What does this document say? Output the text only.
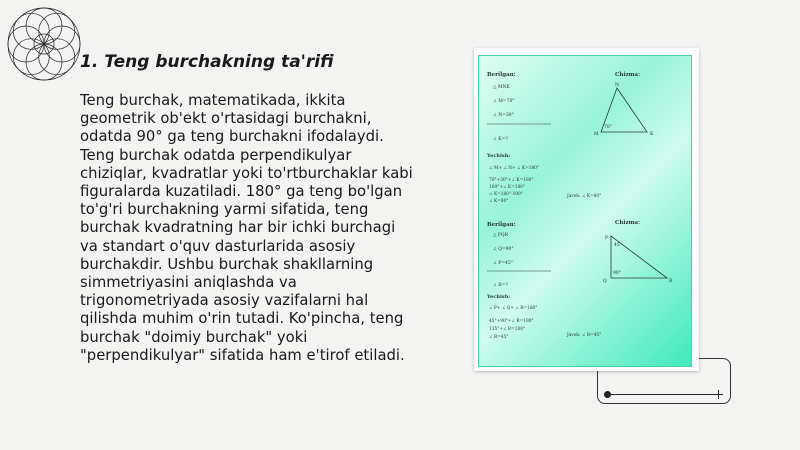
1. Teng burchakning ta'rifi

Teng burchak, matematikada, ikkita geometrik ob'ekt o'rtasidagi burchakni, odatda 90° ga teng burchakni ifodalaydi. Teng burchak odatda perpendikulyar chiziqlar, kvadratlar yoki to'rtburchaklar kabi figuralarda kuzatiladi. 180° ga teng bo'lgan to'g'ri burchakning yarmi sifatida, teng burchak kvadratning har bir ichki burchagi va standart o'quv dasturlarida asosiy burchakdir. Ushbu burchak shakllarning simmetriyasini aniqlashda va trigonometriyada asosiy vazifalarni hal qilishda muhim o'rin tutadi. Ko'pincha, teng burchak "doimiy burchak" yoki "perpendikulyar" sifatida ham e'tirof etiladi.

Berilgan:
△ MNK
∠ M=70°
∠ N=30°
∠ K=?
Chizma:
N
M	K
70°
Yechish:
∠ M+ ∠ N+ ∠ K=180°
70°+30°+∠ K=180°
100°+∠ K=180°
∠ K=180°-100°
∠ K=80°
Javob: ∠ K=80°
Berilgan:
△ PQR
∠ Q=90°
∠ P=45°
∠ R=?
Chizma:
P
Q	R
45°
90°
Yechish:
∠ P+ ∠ Q+ ∠ R=180°
45°+90°+∠ R=180°
135°+∠ R=180°
∠ R=45°	Javob: ∠ R=45°
